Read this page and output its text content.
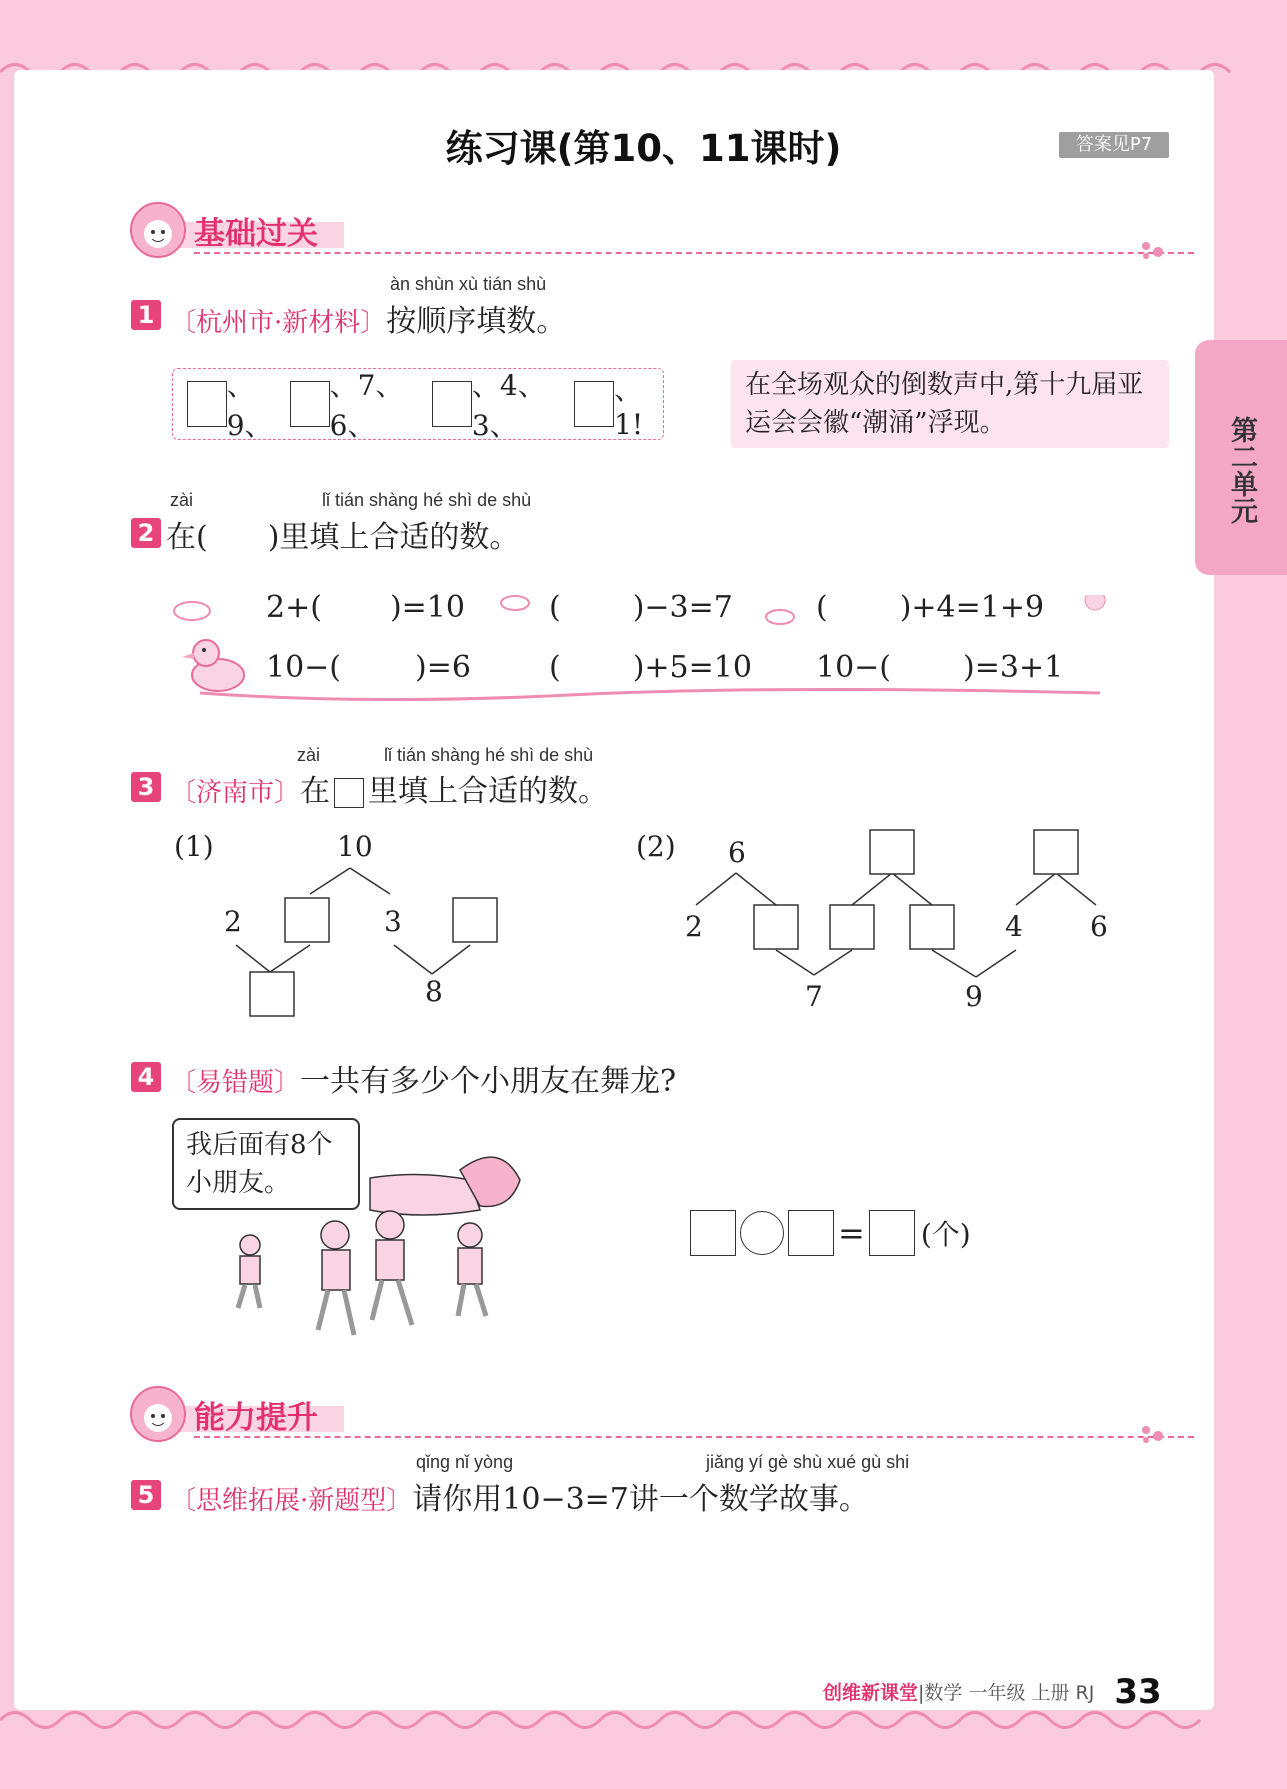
第二单元
练习课(第10、11课时)	答案见P7
基础过关
àn shùn xù tián shù
1 〔杭州市·新材料〕按顺序填数。
、9、
、7、6、
、4、3、
、1!
在全场观众的倒数声中,第十九届亚运会会徽“潮涌”浮现。
zài	lǐ tián shàng hé shì de shù
2 在(　　)里填上合适的数。
2+( )=10	( )−3=7	( )+4=1+9
10−( )=6	( )+5=10 10−( )=3+1
zài	lǐ tián shàng hé shì de shù
3 〔济南市〕在 里填上合适的数。
(1)	10
2	3
8
(2) 6
2
7	9
4 6
4 〔易错题〕一共有多少个小朋友在舞龙?
我后面有8个
小朋友。
= (个)
能力提升
qǐng nǐ yòng	jiǎng yí gè shù xué gù shi
5 〔思维拓展·新题型〕请你用10−3=7讲一个数学故事。
创维新课堂|数学 一年级 上册 RJ 33
